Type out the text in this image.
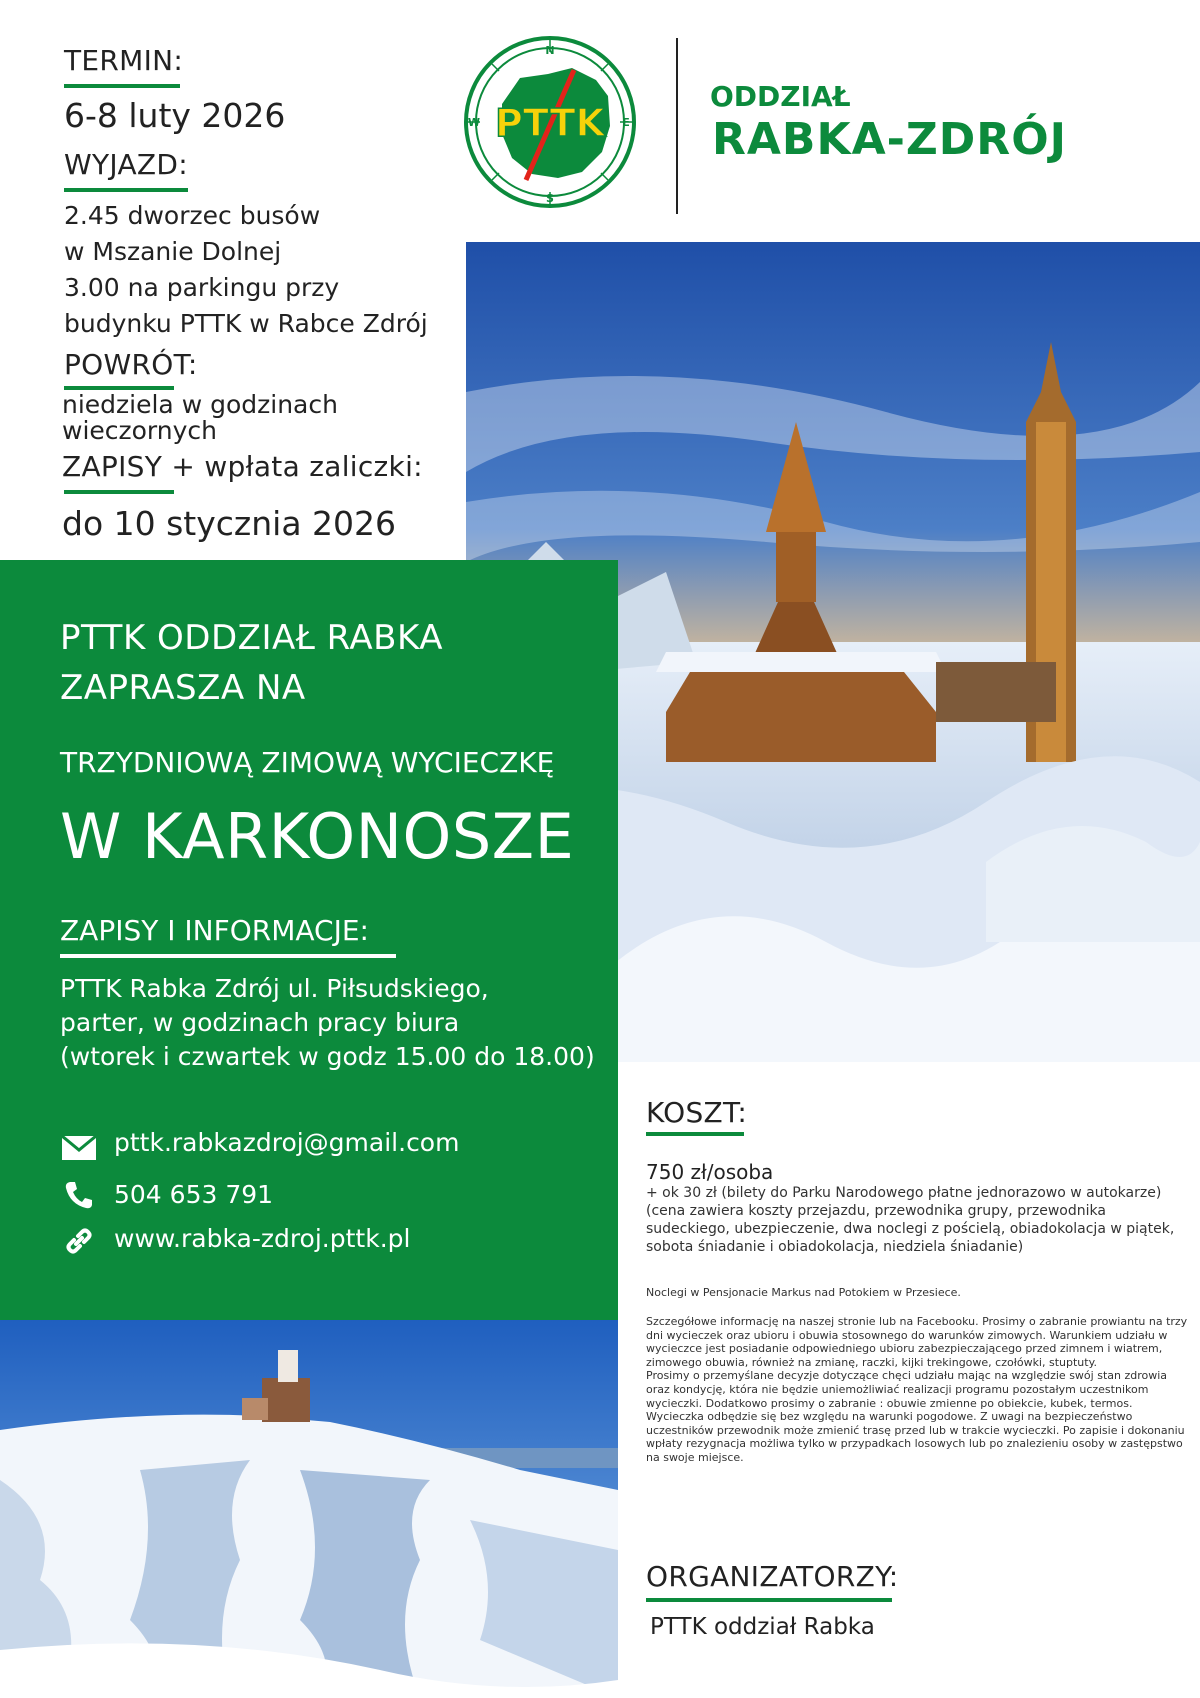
TERMIN:
6-8 luty 2026
WYJAZD:
2.45 dworzec busów
w Mszanie Dolnej
3.00 na parkingu przy
budynku PTTK w Rabce Zdrój
POWRÓT:
niedziela w godzinach
wieczornych
ZAPISY + wpłata zaliczki:
do 10 stycznia 2026
N
S
W	E
PTTK
ODDZIAŁ
RABKA-ZDRÓJ
PTTK ODDZIAŁ RABKA
ZAPRASZA NA
TRZYDNIOWĄ ZIMOWĄ WYCIECZKĘ
W KARKONOSZE
ZAPISY I INFORMACJE:
PTTK Rabka Zdrój ul. Piłsudskiego,
parter, w godzinach pracy biura
(wtorek i czwartek w godz 15.00 do 18.00)
pttk.rabkazdroj@gmail.com
504 653 791
www.rabka-zdroj.pttk.pl
KOSZT:
750 zł/osoba
+ ok 30 zł (bilety do Parku Narodowego płatne jednorazowo w autokarze)
(cena zawiera koszty przejazdu, przewodnika grupy, przewodnika
sudeckiego, ubezpieczenie, dwa noclegi z pościelą, obiadokolacja w piątek,
sobota śniadanie i obiadokolacja, niedziela śniadanie)
Noclegi w Pensjonacie Markus nad Potokiem w Przesiece.
Szczegółowe informację na naszej stronie lub na Facebooku. Prosimy o zabranie prowiantu na trzy
dni wycieczek oraz ubioru i obuwia stosownego do warunków zimowych. Warunkiem udziału w
wycieczce jest posiadanie odpowiedniego ubioru zabezpieczającego przed zimnem i wiatrem,
zimowego obuwia, również na zmianę, raczki, kijki trekingowe, czołówki, stuptuty.
Prosimy o przemyślane decyzje dotyczące chęci udziału mając na względzie swój stan zdrowia
oraz kondycję, która nie będzie uniemożliwiać realizacji programu pozostałym uczestnikom
wycieczki. Dodatkowo prosimy o zabranie : obuwie zmienne po obiekcie, kubek, termos.
Wycieczka odbędzie się bez względu na warunki pogodowe. Z uwagi na bezpieczeństwo
uczestników przewodnik może zmienić trasę przed lub w trakcie wycieczki. Po zapisie i dokonaniu
wpłaty rezygnacja możliwa tylko w przypadkach losowych lub po znalezieniu osoby w zastępstwo
na swoje miejsce.
ORGANIZATORZY:
PTTK oddział Rabka
